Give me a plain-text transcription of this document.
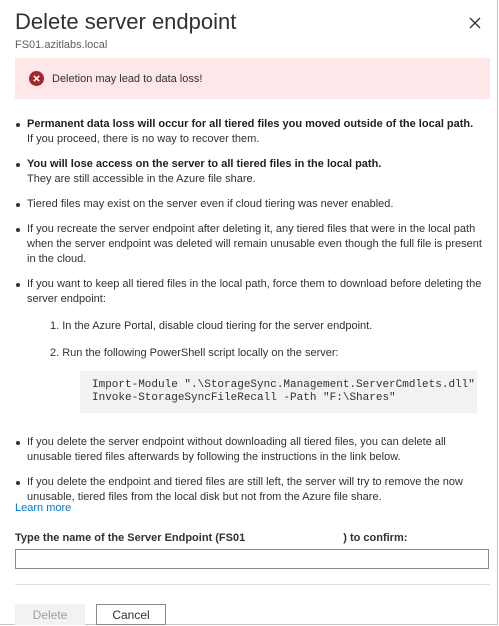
Delete server endpoint
FS01.azitlabs.local
Deletion may lead to data loss!
Permanent data loss will occur for all tiered files you moved outside of the local path.
If you proceed, there is no way to recover them.
You will lose access on the server to all tiered files in the local path.
They are still accessible in the Azure file share.
Tiered files may exist on the server even if cloud tiering was never enabled.
If you recreate the server endpoint after deleting it, any tiered files that were in the local path when the server endpoint was deleted will remain unusable even though the full file is present in the cloud.
If you want to keep all tiered files in the local path, force them to download before deleting the server endpoint:
1. In the Azure Portal, disable cloud tiering for the server endpoint.
2. Run the following PowerShell script locally on the server:
Import-Module ".\StorageSync.Management.ServerCmdlets.dll"
Invoke-StorageSyncFileRecall -Path "F:\Shares"
If you delete the server endpoint without downloading all tiered files, you can delete all unusable tiered files afterwards by following the instructions in the link below.
If you delete the endpoint and tiered files are still left, the server will try to remove the now unusable, tiered files from the local disk but not from the Azure file share.
Learn more
Type the name of the Server Endpoint (FS01	) to confirm:
Delete	Cancel
